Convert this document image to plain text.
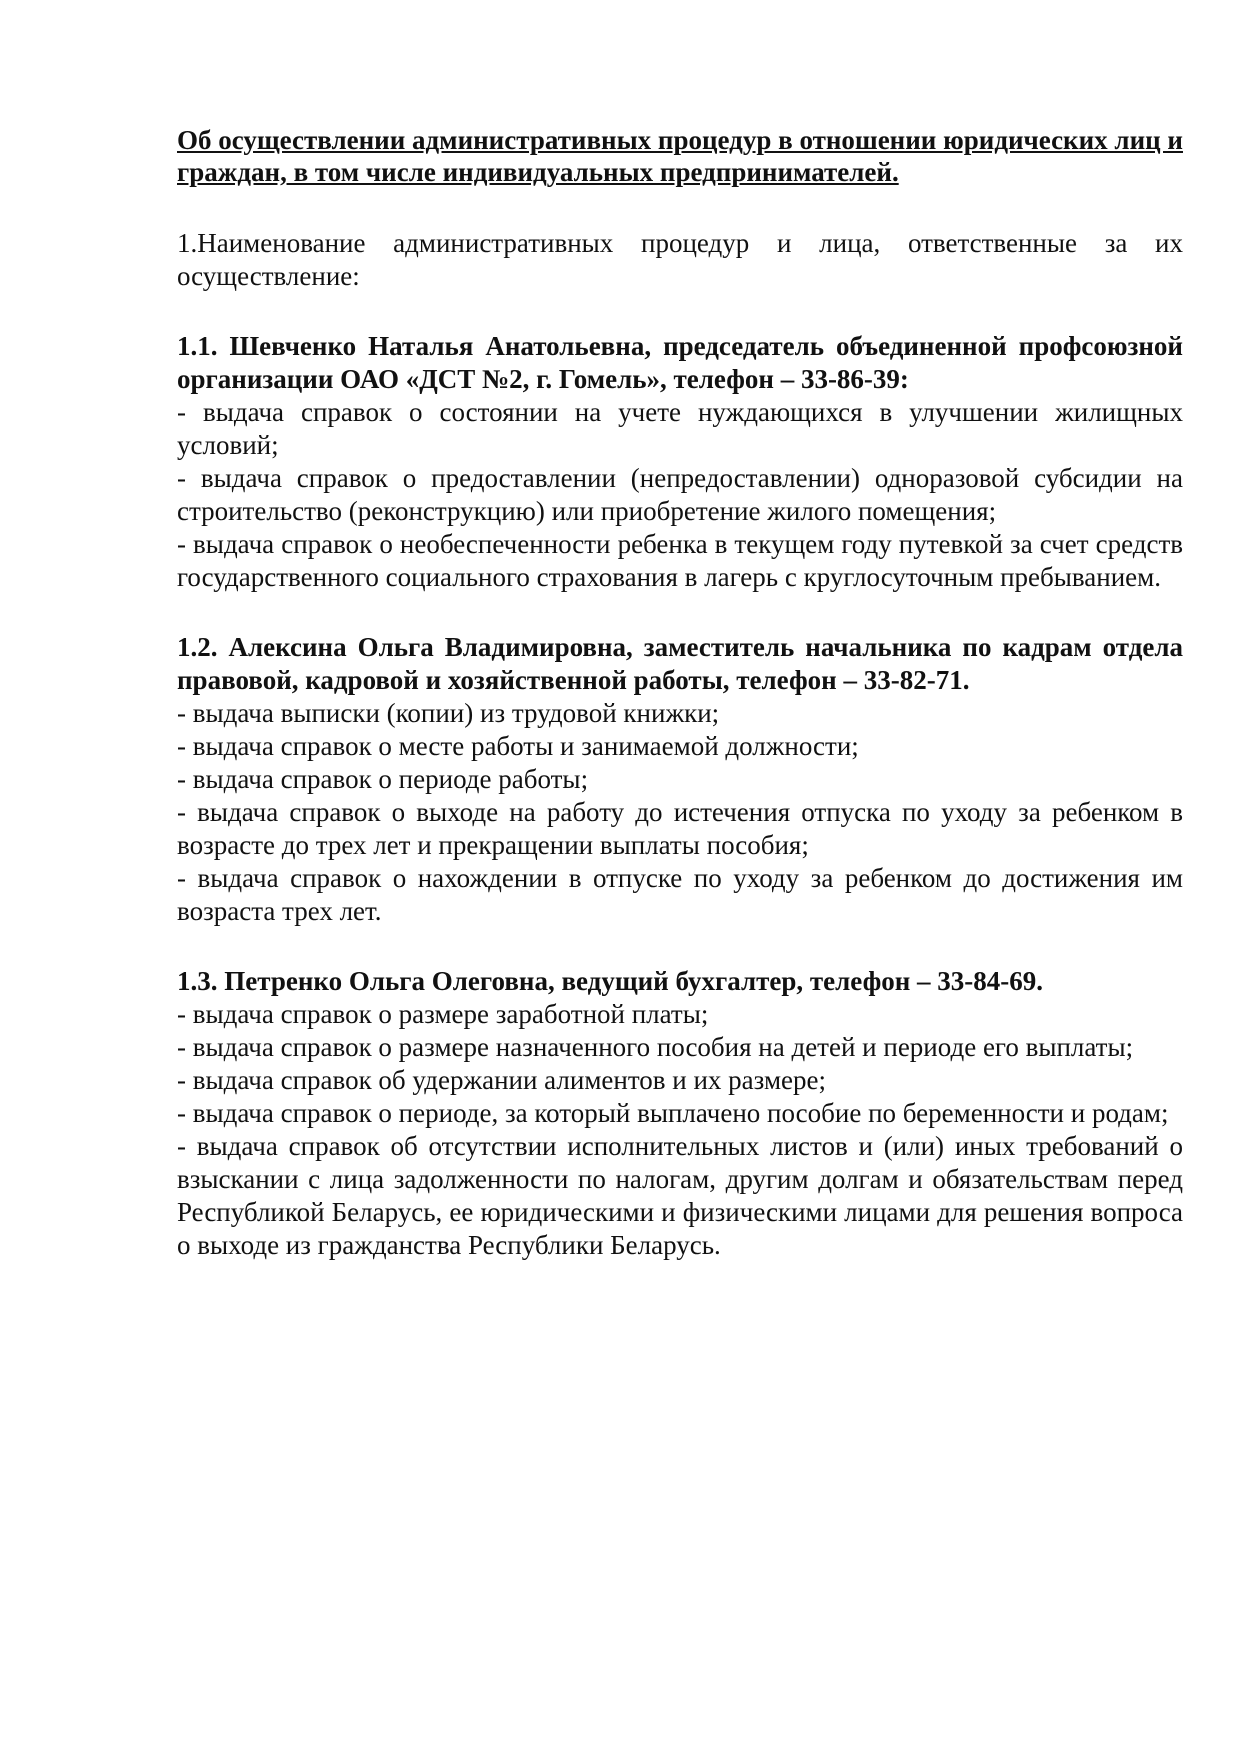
Об осуществлении административных процедур в отношении юридических лиц и граждан, в том числе индивидуальных предпринимателей.

1.Наименование административных процедур и лица, ответственные за их осуществление:

1.1. Шевченко Наталья Анатольевна, председатель объединенной профсоюзной организации ОАО «ДСТ №2, г. Гомель», телефон – 33-86-39:

- выдача справок о состоянии на учете нуждающихся в улучшении жилищных условий;
- выдача справок о предоставлении (непредоставлении) одноразовой субсидии на строительство (реконструкцию) или приобретение жилого помещения;
- выдача справок о необеспеченности ребенка в текущем году путевкой за счет средств государственного социального страхования в лагерь с круглосуточным пребыванием.

1.2. Алексина Ольга Владимировна, заместитель начальника по кадрам отдела правовой, кадровой и хозяйственной работы, телефон – 33-82-71.

- выдача выписки (копии) из трудовой книжки;
- выдача справок о месте работы и занимаемой должности;
- выдача справок о периоде работы;
- выдача справок о выходе на работу до истечения отпуска по уходу за ребенком в возрасте до трех лет и прекращении выплаты пособия;
- выдача справок о нахождении в отпуске по уходу за ребенком до достижения им возраста трех лет.

1.3. Петренко Ольга Олеговна, ведущий бухгалтер, телефон – 33-84-69.

- выдача справок о размере заработной платы;
- выдача справок о размере назначенного пособия на детей и периоде его выплаты;
- выдача справок об удержании алиментов и их размере;
- выдача справок о периоде, за который выплачено пособие по беременности и родам;
- выдача справок об отсутствии исполнительных листов и (или) иных требований о взыскании с лица задолженности по налогам, другим долгам и обязательствам перед Республикой Беларусь, ее юридическими и физическими лицами для решения вопроса о выходе из гражданства Республики Беларусь.
